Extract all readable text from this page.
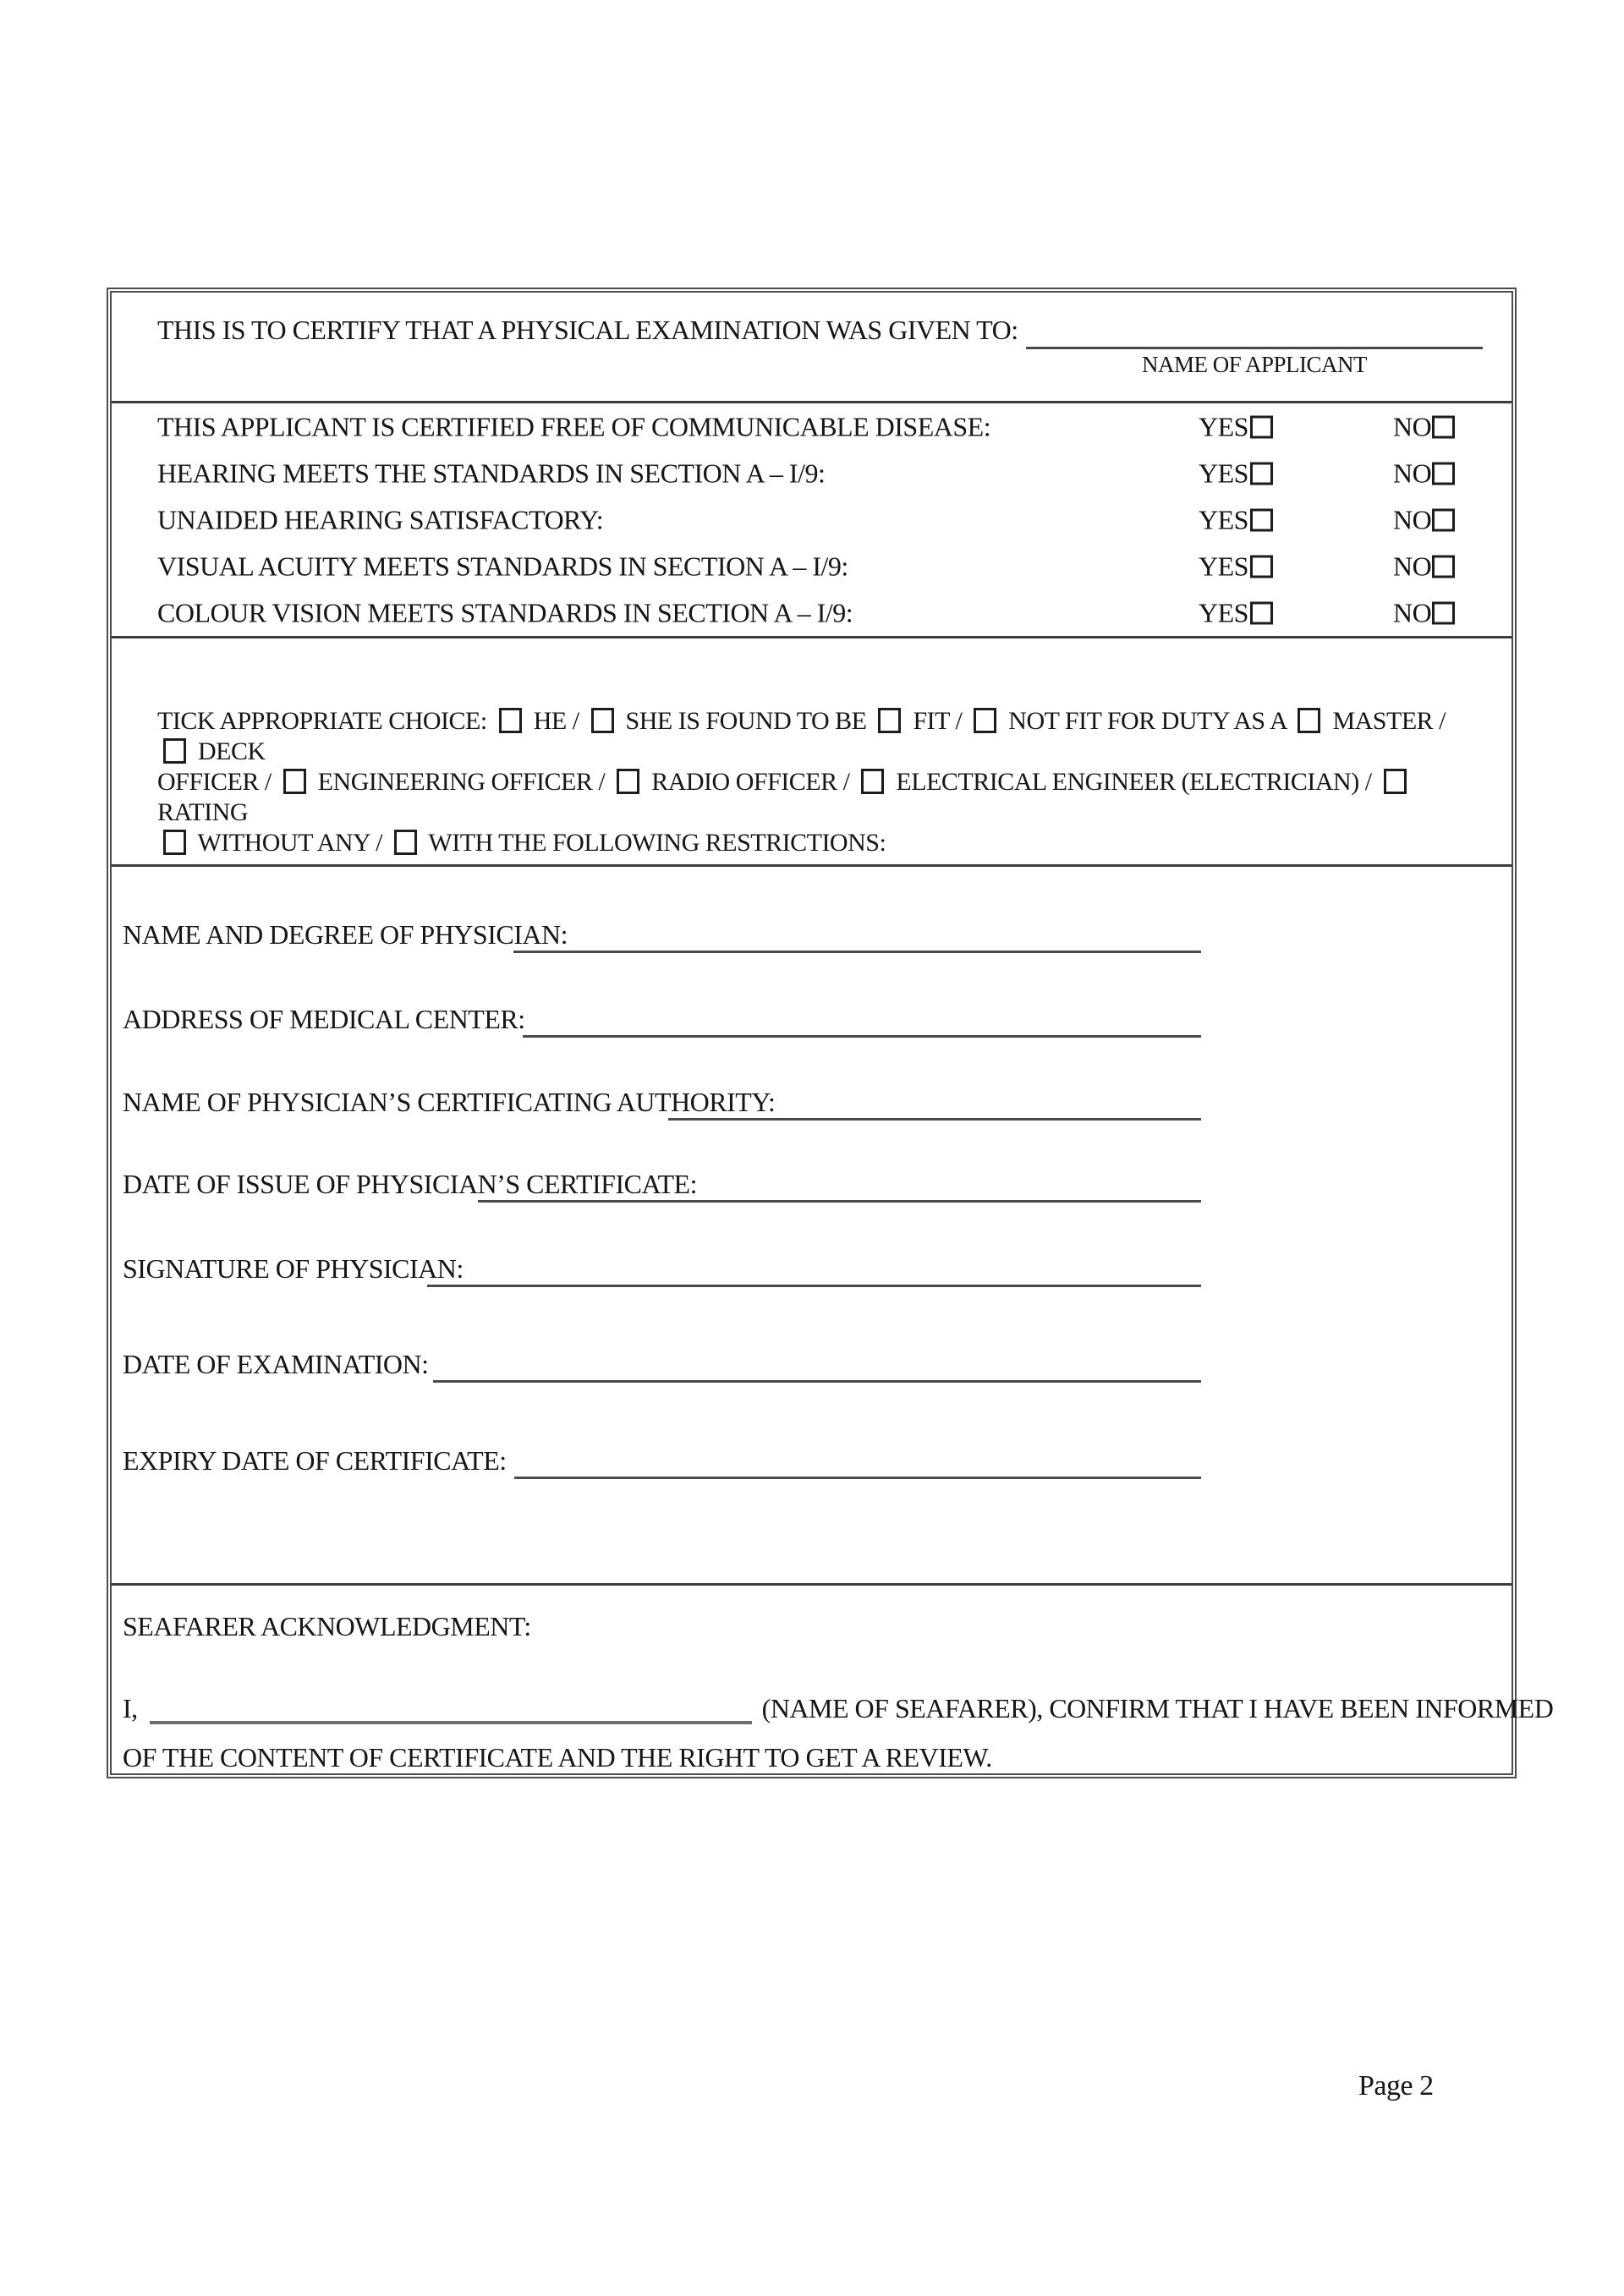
THIS IS TO CERTIFY THAT A PHYSICAL EXAMINATION WAS GIVEN TO:
NAME OF APPLICANT
THIS APPLICANT IS CERTIFIED FREE OF COMMUNICABLE DISEASE:	YES	NO
HEARING MEETS THE STANDARDS IN SECTION A – I/9:	YES	NO
UNAIDED HEARING SATISFACTORY:	YES	NO
VISUAL ACUITY MEETS STANDARDS IN SECTION A – I/9:	YES	NO
COLOUR VISION MEETS STANDARDS IN SECTION A – I/9:	YES	NO
TICK APPROPRIATE CHOICE:  HE /  SHE IS FOUND TO BE  FIT /  NOT FIT FOR DUTY AS A  MASTER /  DECK
OFFICER /  ENGINEERING OFFICER /  RADIO OFFICER /  ELECTRICAL ENGINEER (ELECTRICIAN) /  RATING
WITHOUT ANY /  WITH THE FOLLOWING RESTRICTIONS:
NAME AND DEGREE OF PHYSICIAN:
ADDRESS OF MEDICAL CENTER:
NAME OF PHYSICIAN’S CERTIFICATING AUTHORITY:
DATE OF ISSUE OF PHYSICIAN’S CERTIFICATE:
SIGNATURE OF PHYSICIAN:
DATE OF EXAMINATION:
EXPIRY DATE OF CERTIFICATE:
SEAFARER ACKNOWLEDGMENT:
I,	(NAME OF SEAFARER), CONFIRM THAT I HAVE BEEN INFORMED
OF THE CONTENT OF CERTIFICATE AND THE RIGHT TO GET A REVIEW.
Page 2
